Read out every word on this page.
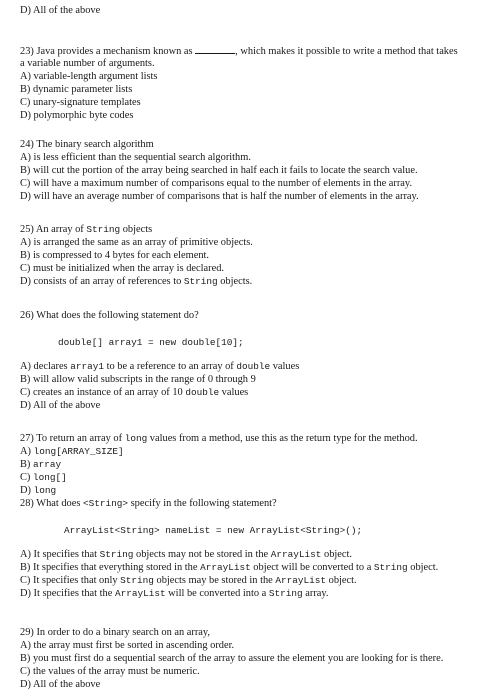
D) All of the above
23) Java provides a mechanism known as	, which makes it possible to write a method that takes
a variable number of arguments.
A) variable-length argument lists
B) dynamic parameter lists
C) unary-signature templates
D) polymorphic byte codes
24) The binary search algorithm
A) is less efficient than the sequential search algorithm.
B) will cut the portion of the array being searched in half each it fails to locate the search value.
C) will have a maximum number of comparisons equal to the number of elements in the array.
D) will have an average number of comparisons that is half the number of elements in the array.
25) An array of String objects
A) is arranged the same as an array of primitive objects.
B) is compressed to 4 bytes for each element.
C) must be initialized when the array is declared.
D) consists of an array of references to String objects.
26) What does the following statement do?
double[] array1 = new double[10];
A) declares array1 to be a reference to an array of double values
B) will allow valid subscripts in the range of 0 through 9
C) creates an instance of an array of 10 double values
D) All of the above
27) To return an array of long values from a method, use this as the return type for the method.
A) long[ARRAY_SIZE]
B) array
C) long[]
D) long
28) What does <String> specify in the following statement?
ArrayList<String> nameList = new ArrayList<String>();
A) It specifies that String objects may not be stored in the ArrayList object.
B) It specifies that everything stored in the ArrayList object will be converted to a String object.
C) It specifies that only String objects may be stored in the ArrayList object.
D) It specifies that the ArrayList will be converted into a String array.
29) In order to do a binary search on an array,
A) the array must first be sorted in ascending order.
B) you must first do a sequential search of the array to assure the element you are looking for is there.
C) the values of the array must be numeric.
D) All of the above
